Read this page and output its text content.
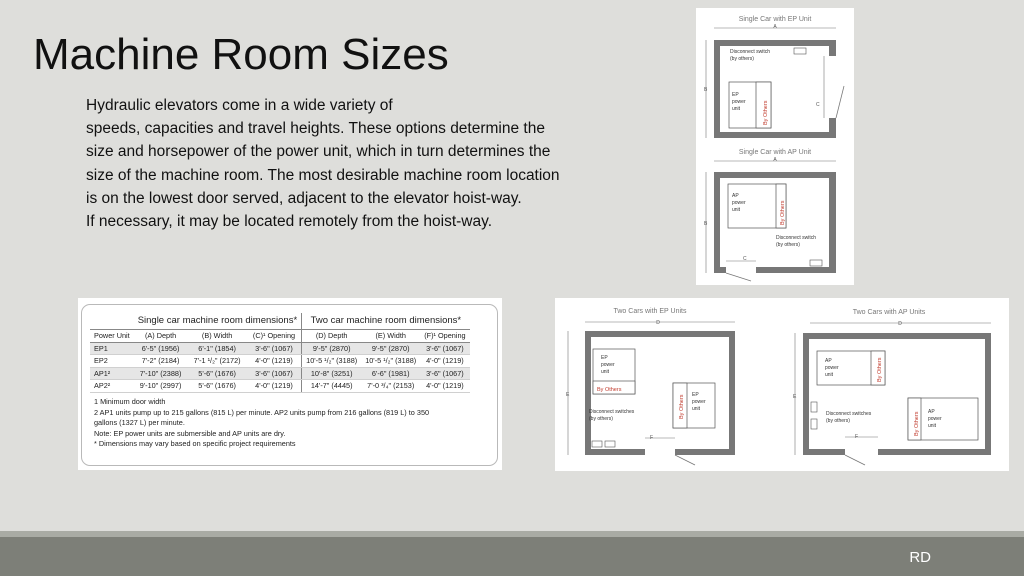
Machine Room Sizes
Hydraulic elevators come in a wide variety of
speeds, capacities and travel heights. These options determine the
size and horsepower of the power unit, which in turn determines the
size of the machine room. The most desirable machine room location
is on the lowest door served, adjacent to the elevator hoist-way.
If necessary, it may be located remotely from the hoist-way.
Single Car with EP Unit
A
B
C
Disconnect switch
(by others)
EP
power
unit	By Others
Single Car with AP Unit
A
B
C
AP
power
unit	By Others
Disconnect switch
(by others)
	Single car machine room dimensions*			Two car machine room dimensions*		
Power Unit	(A) Depth	(B) Width	(C)¹ Opening	(D) Depth	(E) Width	(F)¹ Opening
EP1	6'-5" (1956)	6'-1" (1854)	3'-6" (1067)	9'-5" (2870)	9'-5" (2870)	3'-6" (1067)
EP2	7'-2" (2184)	7'-1 ¹/₂" (2172)	4'-0" (1219)	10'-5 ¹/₂" (3188)	10'-5 ¹/₂" (3188)	4'-0" (1219)
AP1²	7'-10" (2388)	5'-6" (1676)	3'-6" (1067)	10'-8" (3251)	6'-6" (1981)	3'-6" (1067)
AP2²	9'-10" (2997)	5'-6" (1676)	4'-0" (1219)	14'-7" (4445)	7'-0 ³/₄" (2153)	4'-0" (1219)
1 Minimum door width
2 AP1 units pump up to 215 gallons (815 L) per minute. AP2 units pump from 216 gallons (819 L) to 350
gallons (1327 L) per minute.
Note: EP power units are submersible and AP units are dry.
* Dimensions may vary based on specific project requirements
Two Cars with EP Units
D
E
F
EP
power
unit
By Others
EP
power
unit
By Others
Disconnect switches
(by others)
Two Cars with AP Units
D
E
F
AP
power
unit	By Others
AP
power
unit
By Others
Disconnect switches
(by others)
RD
